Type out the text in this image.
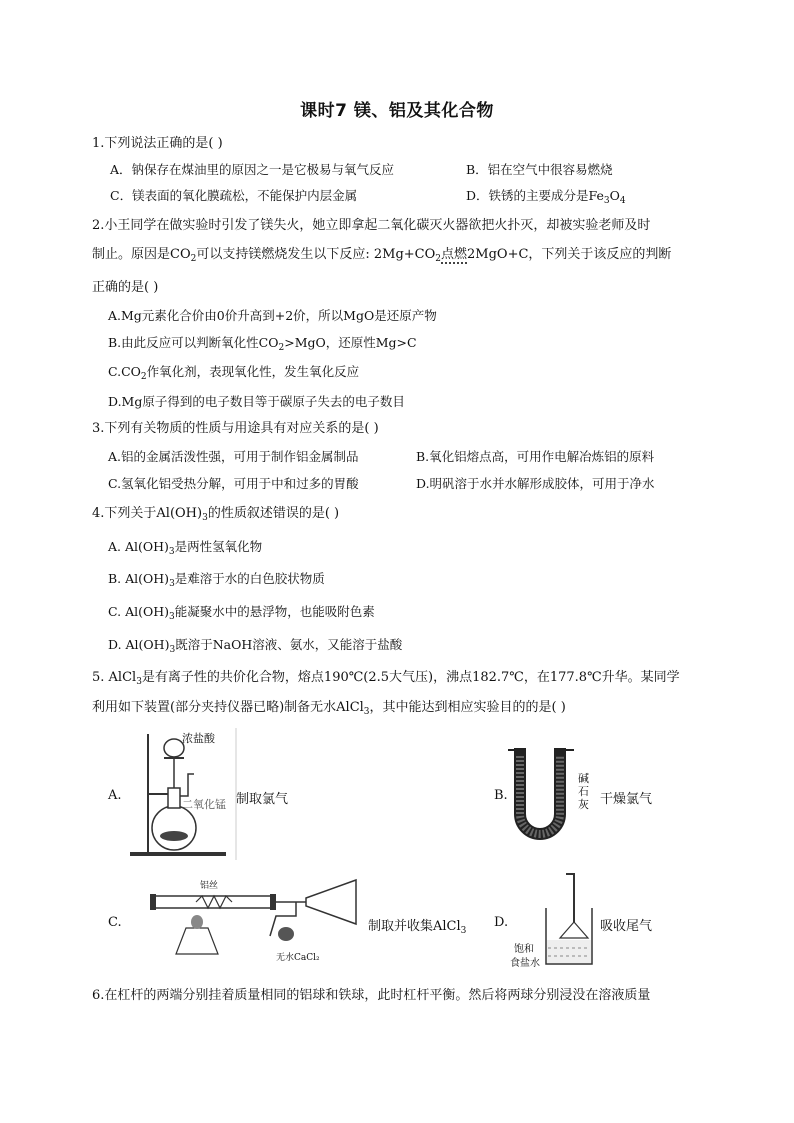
课时7 镁、铝及其化合物
1.下列说法正确的是( )
A．钠保存在煤油里的原因之一是它极易与氧气反应	B．铝在空气中很容易燃烧
C．镁表面的氧化膜疏松，不能保护内层金属	D．铁锈的主要成分是$Fe_3O_4$
2.小王同学在做实验时引发了镁失火，她立即拿起二氧化碳灭火器欲把火扑灭，却被实验老师及时
制止。原因是$CO_2$可以支持镁燃烧发生以下反应: $2Mg+CO_2$点燃2MgO+C，下列关于该反应的判断
正确的是( )
A.Mg元素化合价由0价升高到+2价，所以MgO是还原产物
B.由此反应可以判断氧化性$CO_2>MgO$，还原性Mg>C
$C.CO_2$作氧化剂，表现氧化性，发生氧化反应
D.Mg原子得到的电子数目等于碳原子失去的电子数目
3.下列有关物质的性质与用途具有对应关系的是( )
A.铝的金属活泼性强，可用于制作铝金属制品	B.氧化铝熔点高，可用作电解冶炼铝的原料
C.氢氧化铝受热分解，可用于中和过多的胃酸	D.明矾溶于水并水解形成胶体，可用于净水
4.下列关于$Al(OH)_3$的性质叙述错误的是( )
A. $Al(OH)_3$是两性氢氧化物
B. $Al(OH)_3$是难溶于水的白色胶状物质
C. $Al(OH)_3$能凝聚水中的悬浮物，也能吸附色素
D. $Al(OH)_3$既溶于NaOH溶液、氨水，又能溶于盐酸
5. AlCl$_3$是有离子性的共价化合物，熔点190℃(2.5大气压)，沸点182.7℃，在177.8℃升华。某同学
利用如下装置(部分夹持仪器已略)制备无水AlCl$_3$，其中能达到相应实验目的的是( )
A.
浓盐酸
二氧化锰 制取氯气	B.
碱石灰 干燥氯气
C.
铝丝
无水CaCl₂
制取并收集AlCl$_3$
D.
饱和
食盐水
吸收尾气
6.在杠杆的两端分别挂着质量相同的铝球和铁球，此时杠杆平衡。然后将两球分别浸没在溶液质量
